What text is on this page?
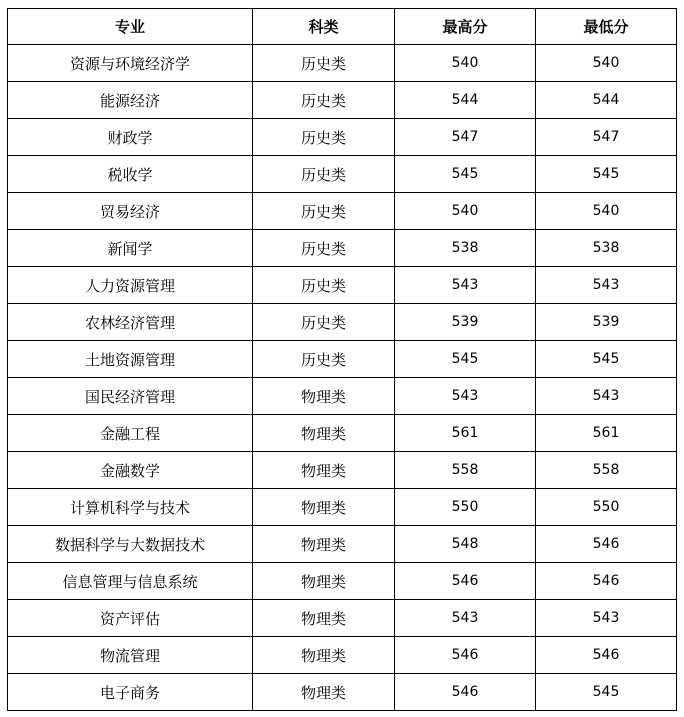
专业	科类	最高分	最低分
资源与环境经济学	历史类	540	540
能源经济	历史类	544	544
财政学	历史类	547	547
税收学	历史类	545	545
贸易经济	历史类	540	540
新闻学	历史类	538	538
人力资源管理	历史类	543	543
农林经济管理	历史类	539	539
土地资源管理	历史类	545	545
国民经济管理	物理类	543	543
金融工程	物理类	561	561
金融数学	物理类	558	558
计算机科学与技术	物理类	550	550
数据科学与大数据技术	物理类	548	546
信息管理与信息系统	物理类	546	546
资产评估	物理类	543	543
物流管理	物理类	546	546
电子商务	物理类	546	545
